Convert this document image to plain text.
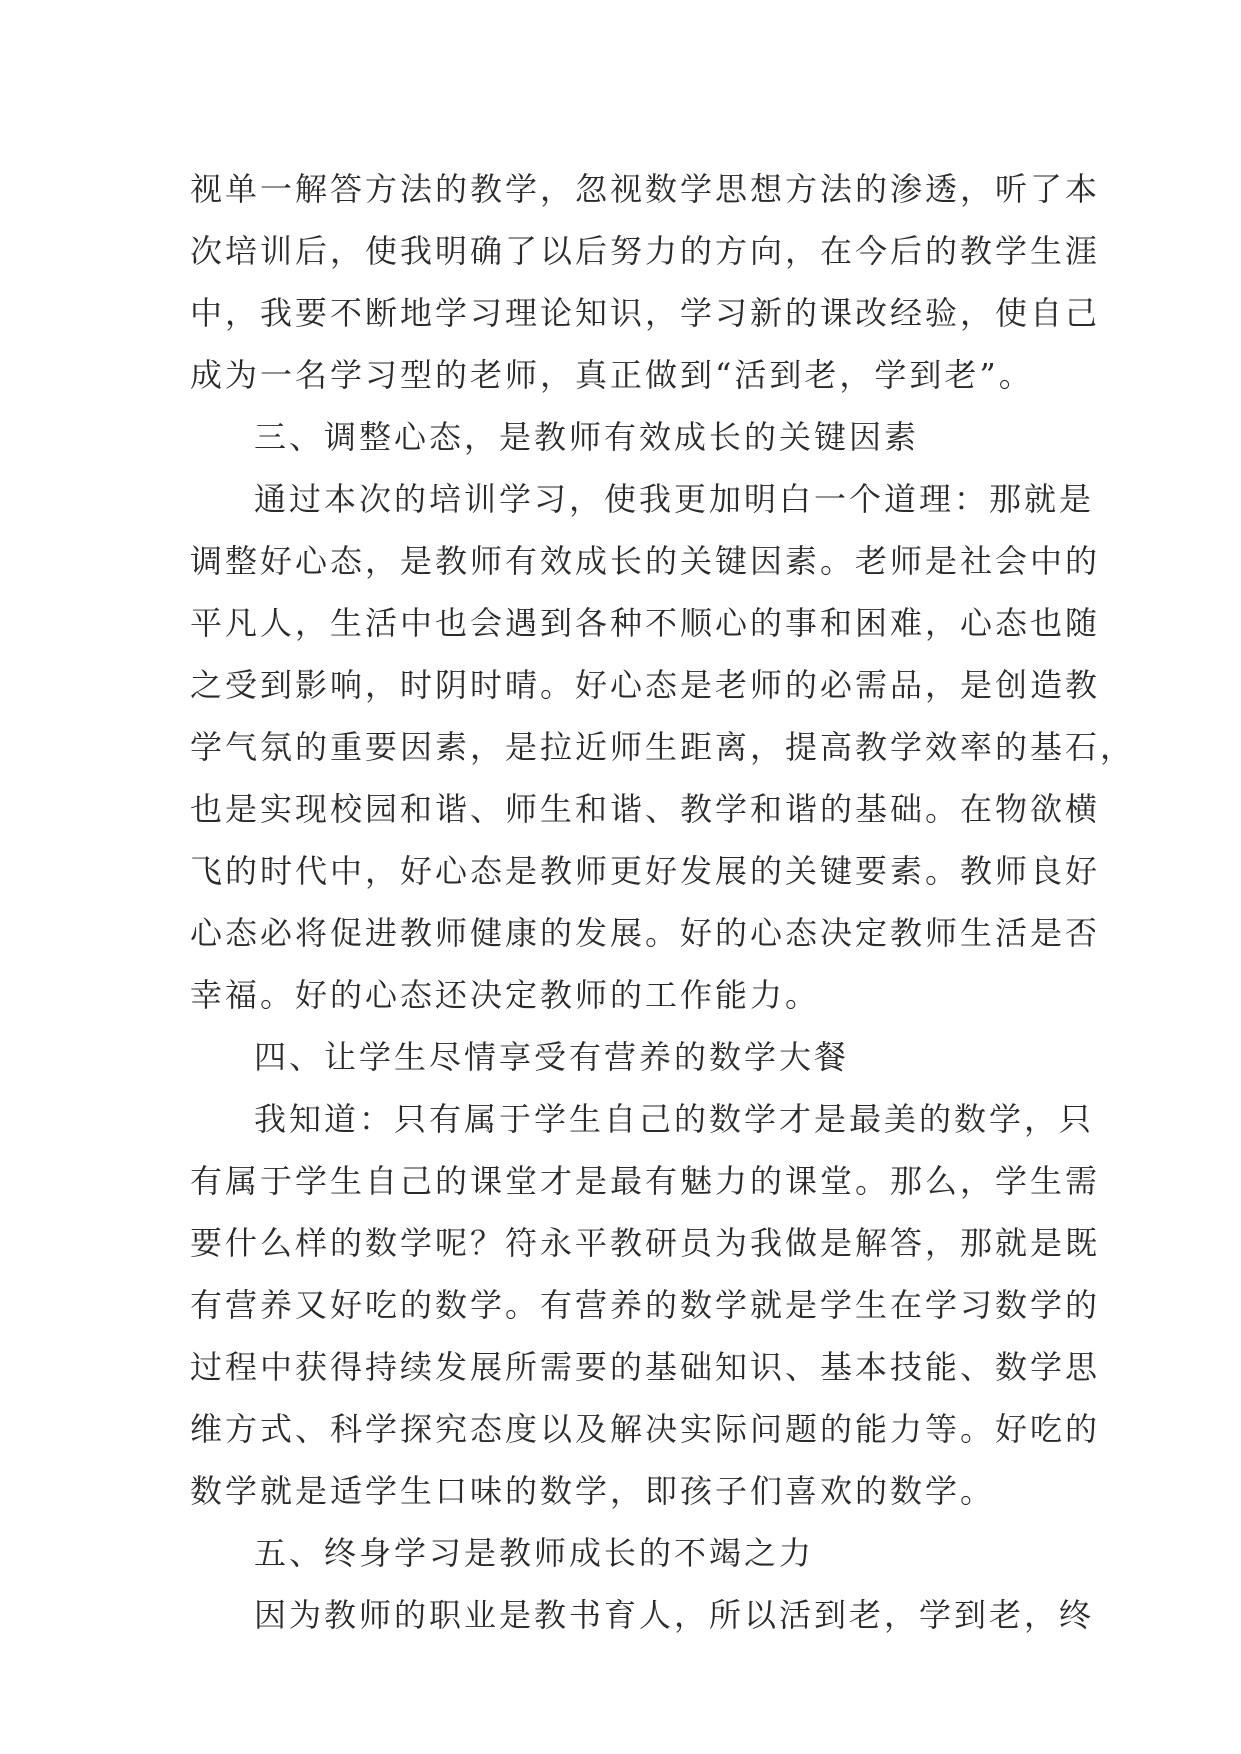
视单一解答方法的教学，忽视数学思想方法的渗透，听了本
次培训后，使我明确了以后努力的方向，在今后的教学生涯
中，我要不断地学习理论知识，学习新的课改经验，使自己
成为一名学习型的老师，真正做到“活到老，学到老”。
三、调整心态，是教师有效成长的关键因素
通过本次的培训学习，使我更加明白一个道理：那就是
调整好心态，是教师有效成长的关键因素。老师是社会中的
平凡人，生活中也会遇到各种不顺心的事和困难，心态也随
之受到影响，时阴时晴。好心态是老师的必需品，是创造教
学气氛的重要因素，是拉近师生距离，提高教学效率的基石，
也是实现校园和谐、师生和谐、教学和谐的基础。在物欲横
飞的时代中，好心态是教师更好发展的关键要素。教师良好
心态必将促进教师健康的发展。好的心态决定教师生活是否
幸福。好的心态还决定教师的工作能力。
四、让学生尽情享受有营养的数学大餐
我知道：只有属于学生自己的数学才是最美的数学，只
有属于学生自己的课堂才是最有魅力的课堂。那么，学生需
要什么样的数学呢？符永平教研员为我做是解答，那就是既
有营养又好吃的数学。有营养的数学就是学生在学习数学的
过程中获得持续发展所需要的基础知识、基本技能、数学思
维方式、科学探究态度以及解决实际问题的能力等。好吃的
数学就是适学生口味的数学，即孩子们喜欢的数学。
五、终身学习是教师成长的不竭之力
因为教师的职业是教书育人，所以活到老，学到老，终
